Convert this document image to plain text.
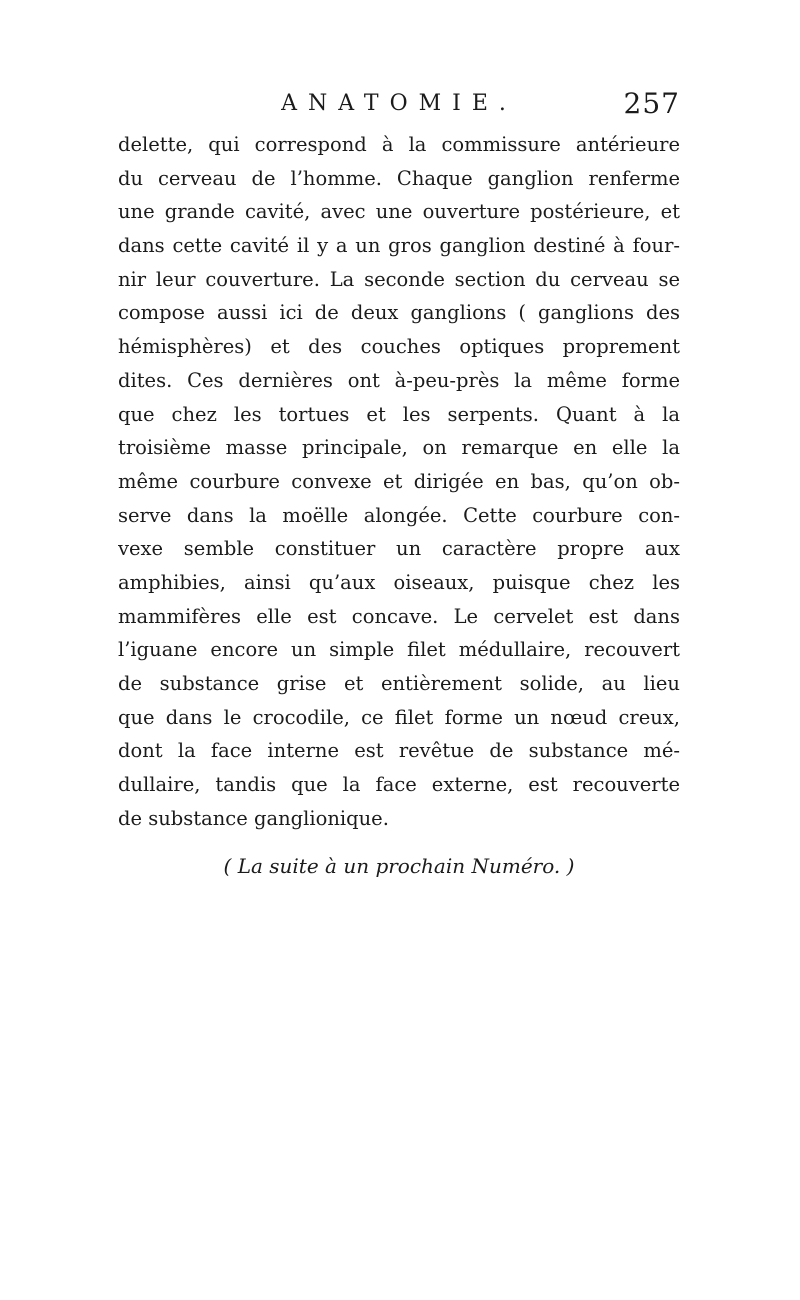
ANATOMIE.	257
delette, qui correspond à la commissure antérieure
du cerveau de l’homme. Chaque ganglion renferme
une grande cavité, avec une ouverture postérieure, et
dans cette cavité il y a un gros ganglion destiné à four-
nir leur couverture. La seconde section du cerveau se
compose aussi ici de deux ganglions ( ganglions des
hémisphères) et des couches optiques proprement
dites. Ces dernières ont à-peu-près la même forme
que chez les tortues et les serpents. Quant à la
troisième masse principale, on remarque en elle la
même courbure convexe et dirigée en bas, qu’on ob-
serve dans la moëlle alongée. Cette courbure con-
vexe semble constituer un caractère propre aux
amphibies, ainsi qu’aux oiseaux, puisque chez les
mammifères elle est concave. Le cervelet est dans
l’iguane encore un simple filet médullaire, recouvert
de substance grise et entièrement solide, au lieu
que dans le crocodile, ce filet forme un nœud creux,
dont la face interne est revêtue de substance mé-
dullaire, tandis que la face externe, est recouverte
de substance ganglionique.
( La suite à un prochain Numéro. )
